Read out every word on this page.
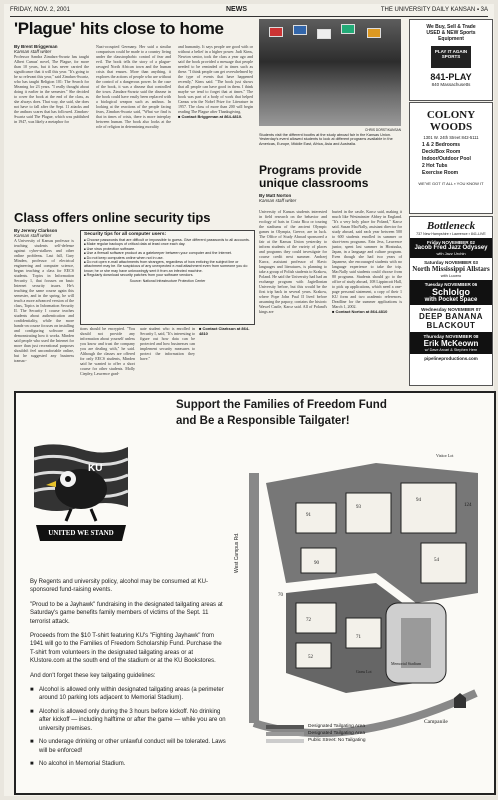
FRIDAY, NOV. 2, 2001	NEWS	THE UNIVERSITY DAILY KANSAN ▪ 3A
'Plague' hits close to home
By Brent Briggeman
Kansan staff writer
Professor Sandra Zimdars-Swartz has taught Albert Camus' novel, The Plague, for more than 10 years, but it has never carried the significance that it will this year. "It's going to be so relevant this year," said Zimdars-Swartz, who has taught Religion 101: The Search for Meaning for 23 years. "I really thought about doing it earlier in the semester." She decided to cover the book at the end of the class, as she always does. That way, she said, she does not have to fall after the Sept. 11 attacks and the anthrax scares that has followed. Zimdars-Swartz said The Plague, which was published in 1947, was likely a metaphor for
Nazi-occupied Germany. Her said a similar comparison could be made to a country living under the claustrophobic control of fear and evil. The book tells the story of a plague-ravaged North African town and the human crisis that ensues. More than anything, it explores the actions of people who are without the control of a dangerous power. In the case of the book, it was a disease that controlled the town. Zimdars-Swartz said the disease in the book could have easily been replaced with a biological weapon such as anthrax. In looking at the reactions of the people facing fears, Zimdars-Swartz said, "What we find is that in times of crisis, there is more interplay between human. The book also looks at the role of religion in determining morality
and humanity. It says people are good with or without a belief in a higher power. Judi Kims, Newton senior, took the class a year ago and said the book provided a message that people needed to be reminded of in times such as these. "I think people can get overwhelmed by the type of events that have happened recently," Kims said. "The book just shows that all people can have good in them. I think maybe we tend to forget that at times." The book was part of a body of work that helped Camus win the Nobel Prize for Literature in 1957. The class of more than 200 will begin reading The Plague after Thanksgiving.
■ Contact Briggeman at 864-4810.
CHRIS DORST/KANSAN
Students visit the different booths at the study abroad fair in the Kansas Union. Yesterday's event allowed students to look at different programs available in the Americas, Europe, Middle East, Africa, Asia and Australia.
Programs provide unique classrooms
By Matt Norton
Kansan staff writer
University of Kansas students interested in field research on the behavior and ecology of bats in Costa Rica or touring the stadiums of the ancient Olympic games in Olympia, Greece, are in luck. The Office of Study Abroad sponsored a fair at the Kansas Union yesterday to inform students of the variety of places and programs they could investigate for course credit next summer. Andrzej Karcz, assistant professor of Slavic languages and literatures, is planning to take a group of Polish students to Krakow, Poland. He said the University had had an exchange program with Jagiellonian University before, but this would be the first trip back in several years. Krakow, where Pope John Paul II lived before assuming the papacy, contains the historic Wawel Castle, Karcz said. All of Poland's kings are
buried in the castle, Karcz said, making it much like Westminster Abbey in England. "It's a very holy place for Poland," Karcz said. Susan MacNally, assistant director for study abroad, said each year between 500 to 600 students enrolled in summer or short-term programs. Erin Jess, Lawrence junior, spent last summer in Hiratsuka, Japan, in a language and culture program. Even though she had two years of Japanese, she encouraged students with no language experience to take the trip. MacNally said students could choose from 80 programs. Students should go to the office of study abroad, 108 Lippincott Hall, to pick up applications, which need a one-page personal statement, a copy of their 1 KU form and two academic references. Deadline for the summer applications is March 1, 2002.
■ Contact Norton at 864-4810
We Buy, Sell & Trade
USED & NEW Sports
Equipment
PLAY IT AGAIN SPORTS
841-PLAY
840 Massachusetts
COLONY WOODS
1301 W. 24th Street 842-5111
1 & 2 Bedrooms
Deck/Box Room
Indoor/Outdoor Pool
2 Hot Tubs
Exercise Room
WE'VE GOT IT ALL ▪ YOU KNOW IT
Bottleneck
737 New Hampshire ▪ Lawrence ▪ 841-LIVE
Friday NOVEMBER 02
Jacob Fred Jazz Odyssey
with Jazz Urchin
Saturday NOVEMBER 03
North Mississippi Allstars
with Lucero
Tuesday NOVEMBER 06
Schlolgo
with Pocket Space
Wednesday NOVEMBER 07
DEEP BANANA BLACKOUT
Thursday NOVEMBER 08
Erik McKeown
w/ Dave Arcari & Stephen Hern
pipelineproductions.com
Class offers online security tips
By Jeremy Clarkson
Kansan staff writer
A University of Kansas professor is teaching students self-defense against cyber-stalkers and other online problems. Last fall, Gary Minden, professor of electrical engineering and computer science, began teaching a class for EECS students. Topics in Information Security 1, that focuses on basic Internet security issues. He's teaching the same course again this semester, and in the spring, he will teach a more advanced version of the class, Topics in Information Security II. The Security I course teaches students about authentication and confidentiality, while the more hands-on course focuses on installing and configuring software and demonstrating how it works. Minden said people who used the Internet for more than just recreational purposes shouldn't feel uncomfortable online, but he suggested any business transac-
Security tips for all computer users:
■ Choose passwords that are difficult or impossible to guess. Give different passwords to all accounts.
■ Make regular backups of critical data at least once each day.
■ Use virus protection software.
■ Use a firewall software product as a gatekeeper between your computer and the Internet.
■ Do not keep computers online when not in use.
■ Do not open e-mail attachments from strangers, regardless of how enticing the subject line or attachment may be. Be suspicious of any unexpected e-mail attachment even from someone you do know; he or she may have unknowingly sent it from an infected machine.
■ Regularly download security patches from your software vendors.
Source: National Infrastructure Protection Center
tions should be encrypted. "You should not provide any information about yourself unless you know and trust the company you are dealing with," he said. Although the classes are offered for only EECS students, Minden said he wanted to offer a short course for other students. Molly Ciepley, Lawrence grad-
uate student who is enrolled in Security I, said, "It's interesting to figure out how data can be protected and how businesses can implement security measures to protect the information they have."
■ Contact Clarkson at 864-4810
Support the Families of Freedom Fund
and Be a Responsible Tailgater!
KU
UNITED WE STAND

By Regents and university policy, alcohol may be consumed at KU-sponsored fund-raising events.

"Proud to be a Jayhawk" fundraising in the designated tailgating areas at Saturday's game benefits family members of victims of the Sept. 11 terrorist attack.

Proceeds from the $10 T-shirt featuring KU's "Fighting Jayhawk" from 1941 will go to the Families of Freedom Scholarship Fund. Purchase the T-shirt from volunteers in the designated tailgating areas or at KUstore.com at the south end of the stadium or at the KU Bookstores.

And don't forget these key tailgating guidelines:

■ Alcohol is allowed only within designated tailgating areas (a perimeter around 10 parking lots adjacent to Memorial Stadium).
■ Alcohol is allowed only during the 3 hours before kickoff. No drinking after kickoff — including halftime or after the game — while you are on university premises.
■ No underage drinking or other unlawful conduct will be tolerated. Laws will be enforced!
■ No alcohol in Memorial Stadium.
West Campus Rd.
124
91
93
94
90
54
72
71
52
70
Grass Lot
Memorial Stadium
Campanile
Visitor Lot
Designated Tailgating Area
Designated Tailgating Area
Public Street: No Tailgating
